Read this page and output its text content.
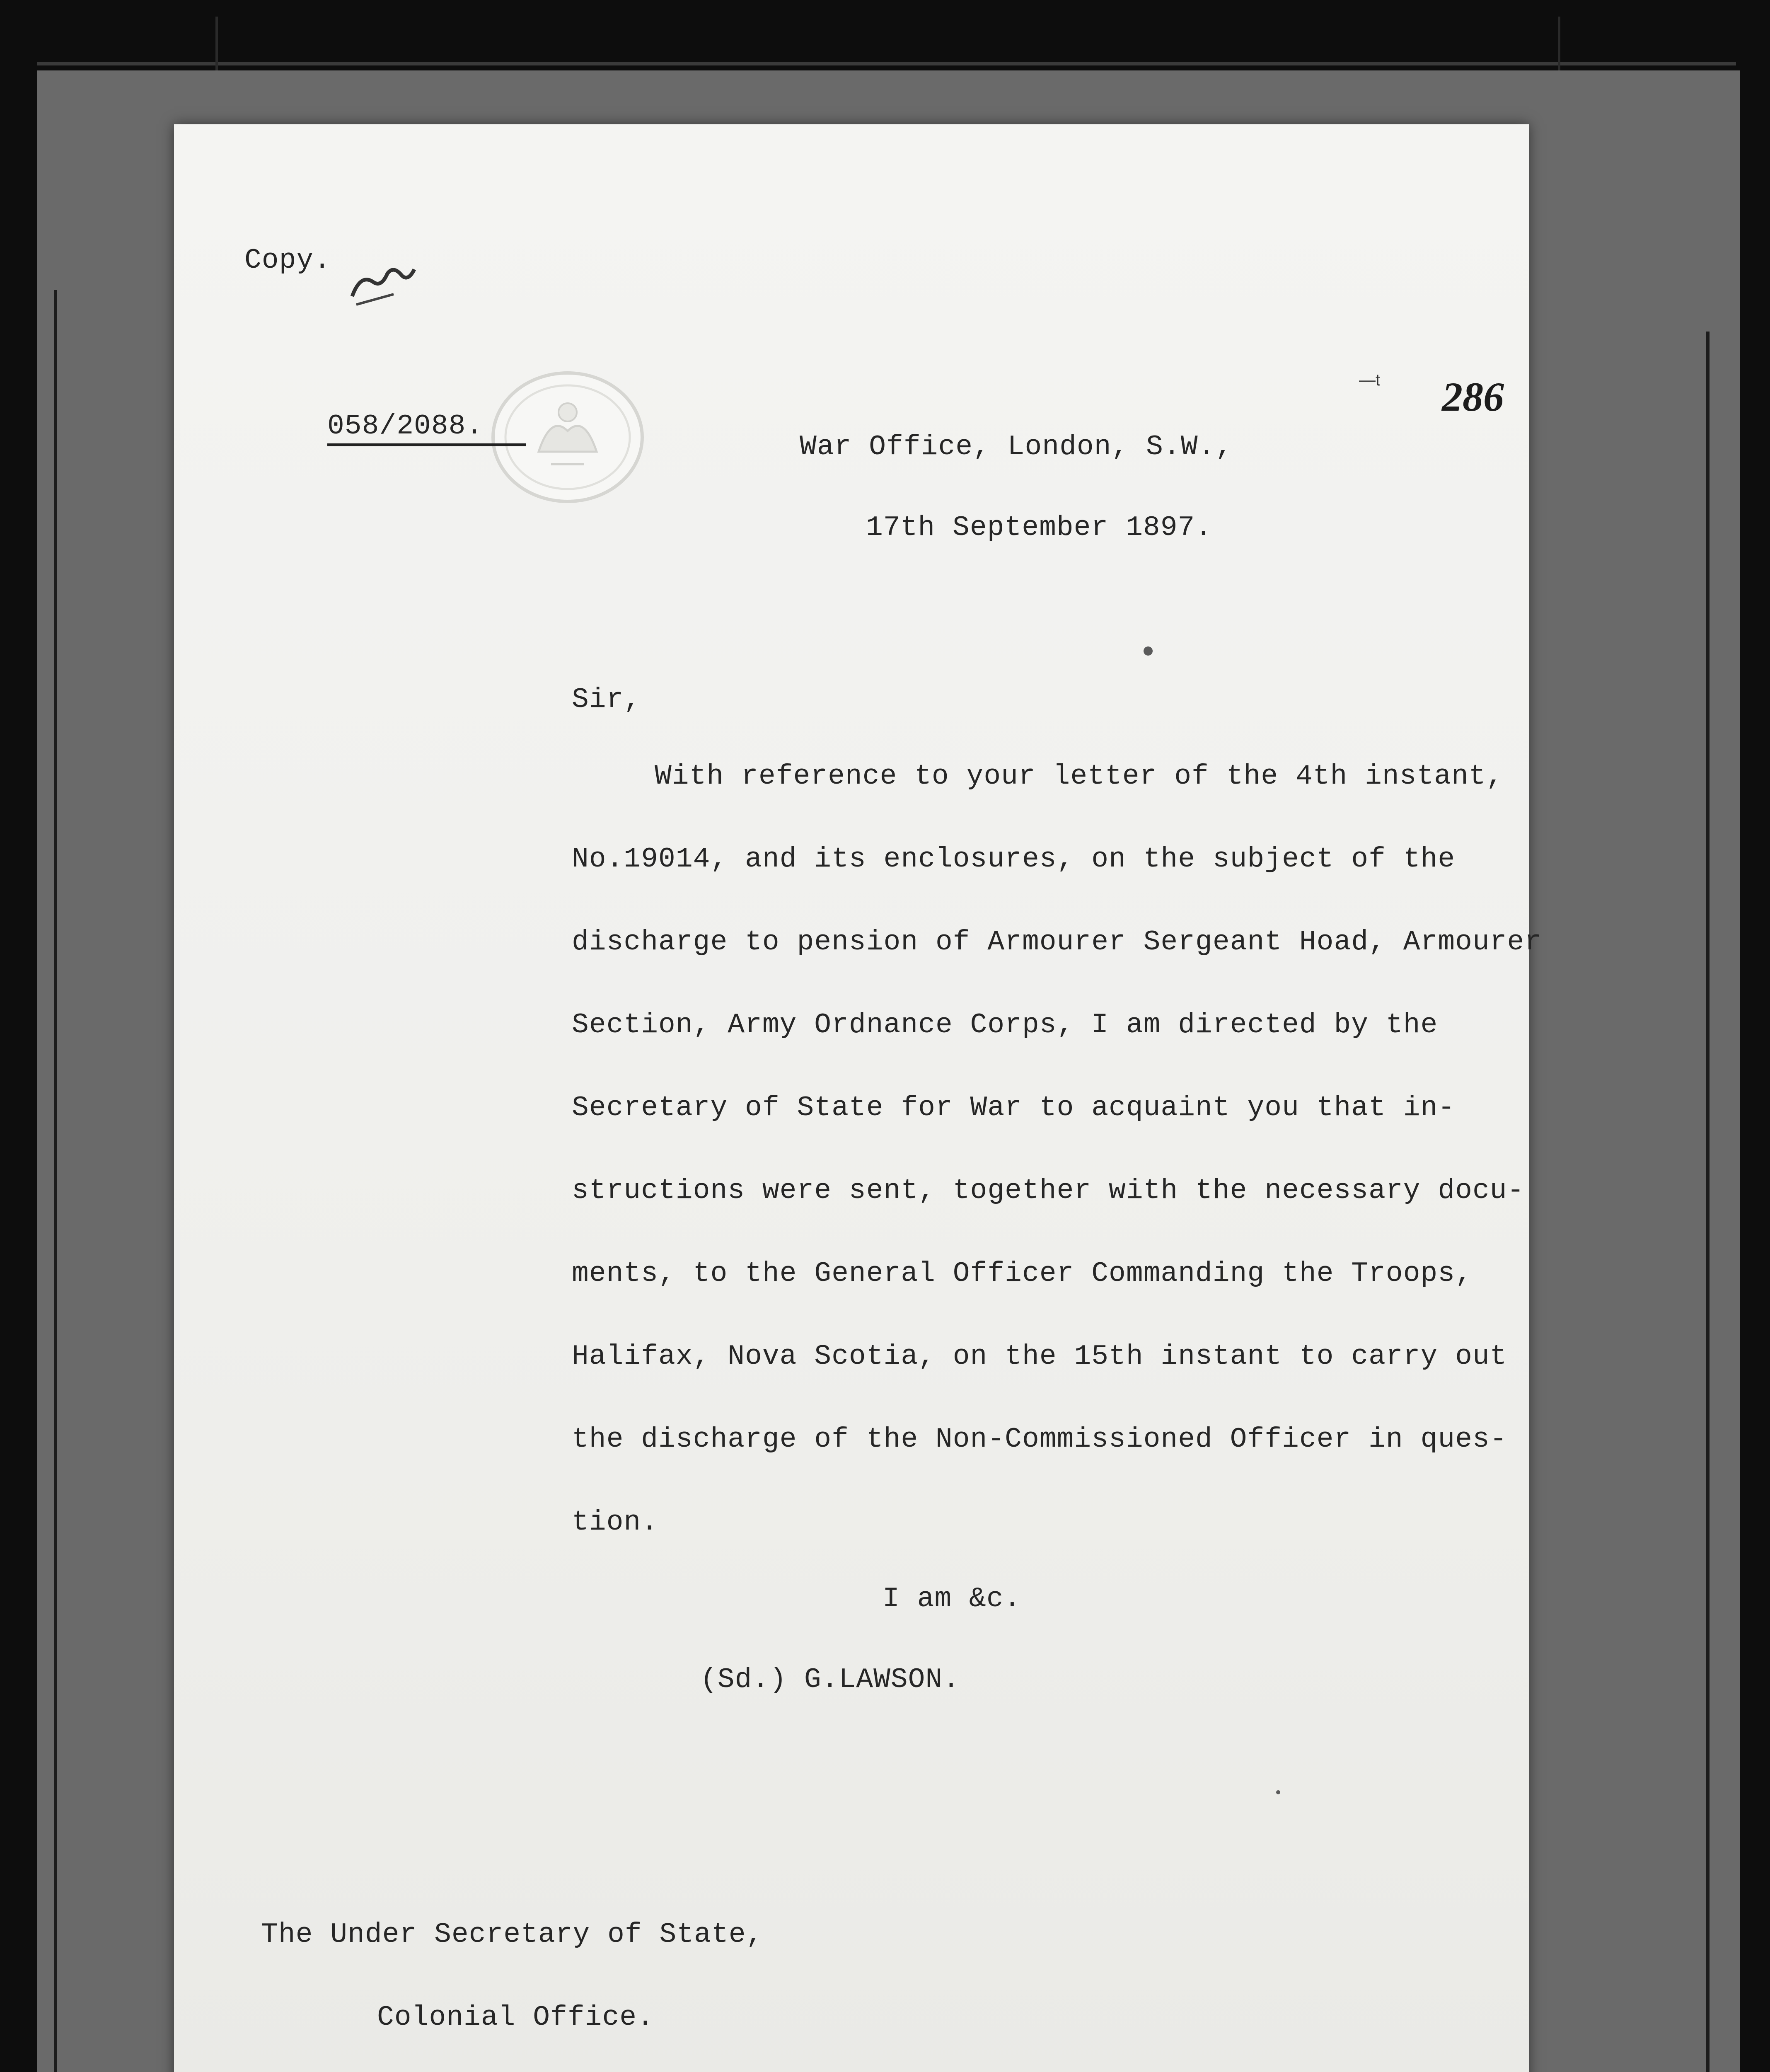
Copy.
—t 286
058/2088.
War Office, London, S.W.,
17th September 1897.
Sir,
With reference to your letter of the 4th instant,
No.19014, and its enclosures, on the subject of the
discharge to pension of Armourer Sergeant Hoad, Armourer
Section, Army Ordnance Corps, I am directed by the
Secretary of State for War to acquaint you that in-
structions were sent, together with the necessary docu-
ments, to the General Officer Commanding the Troops,
Halifax, Nova Scotia, on the 15th instant to carry out
the discharge of the Non-Commissioned Officer in ques-
tion.
I am &c.
(Sd.) G.LAWSON.
The Under Secretary of State,
Colonial Office.
